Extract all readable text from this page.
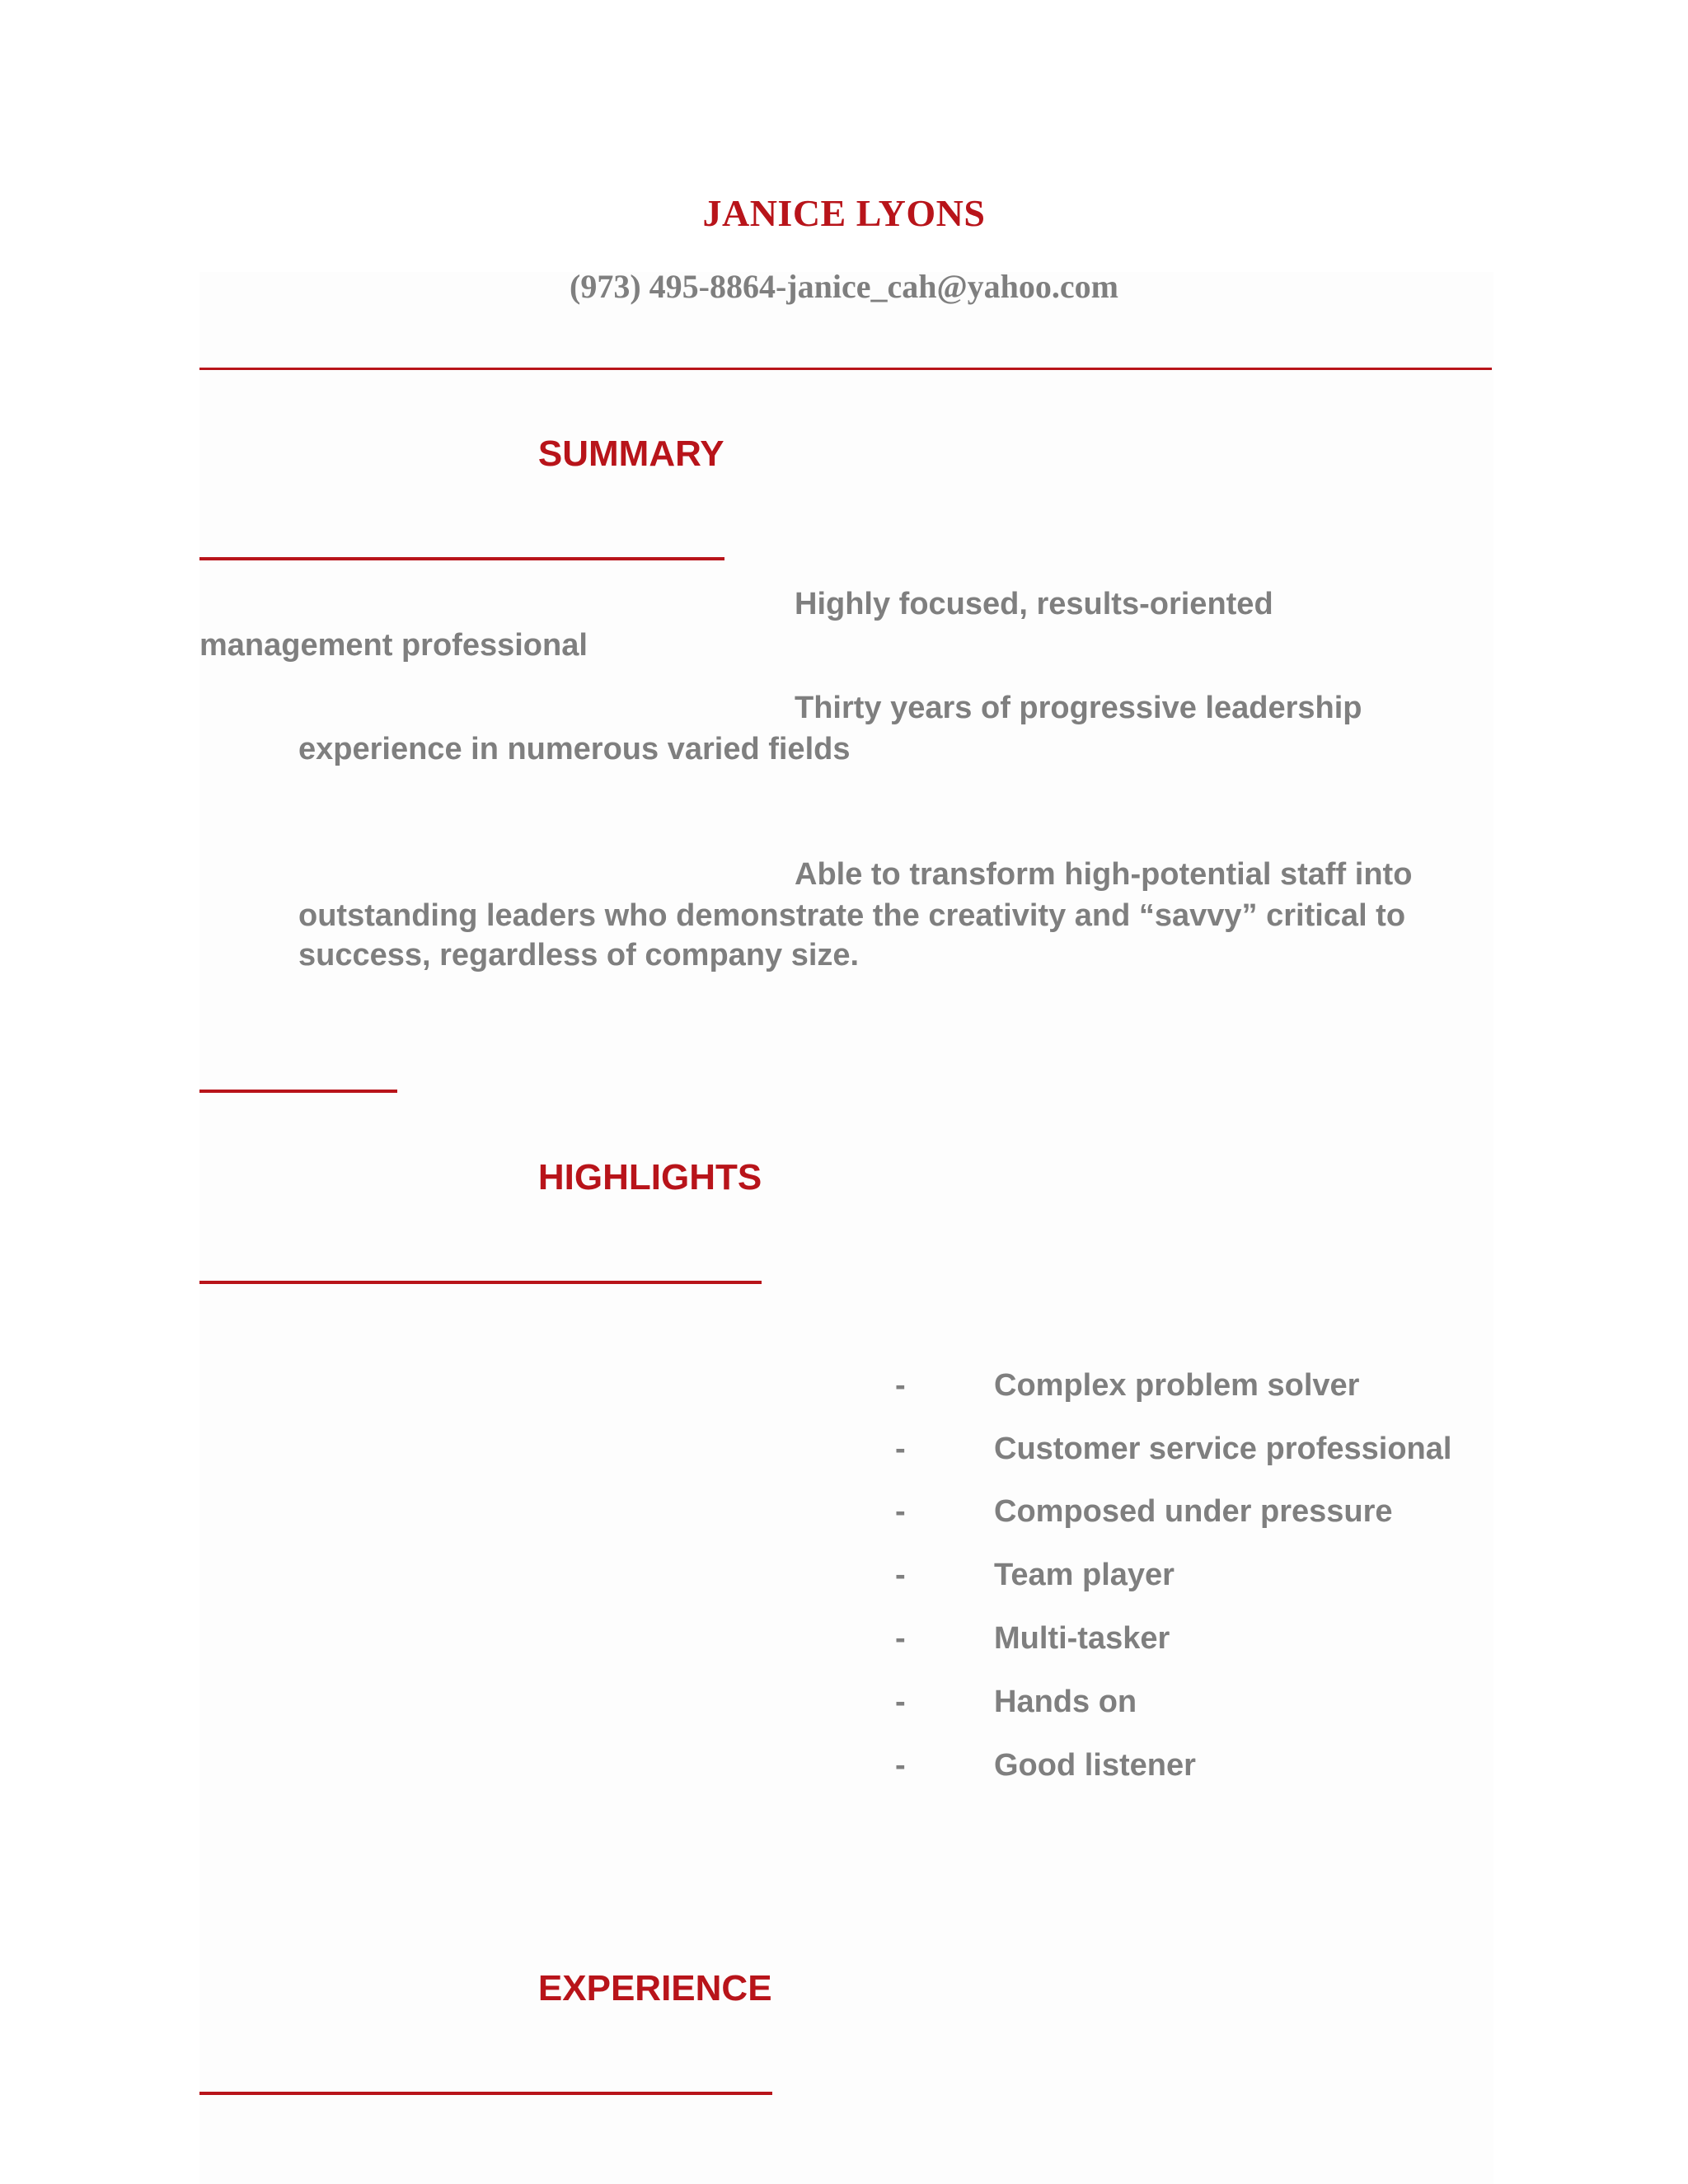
JANICE LYONS
(973) 495-8864-janice_cah@yahoo.com

SUMMARY

Highly focused, results-oriented
management professional
Thirty years of progressive leadership
experience in numerous varied fields
Able to transform high-potential staff into
outstanding leaders who demonstrate the creativity and “savvy” critical to
success, regardless of company size.

HIGHLIGHTS

-	Complex problem solver
-	Customer service professional
-	Composed under pressure
-	Team player
-	Multi-tasker
-	Hands on
-	Good listener

EXPERIENCE
